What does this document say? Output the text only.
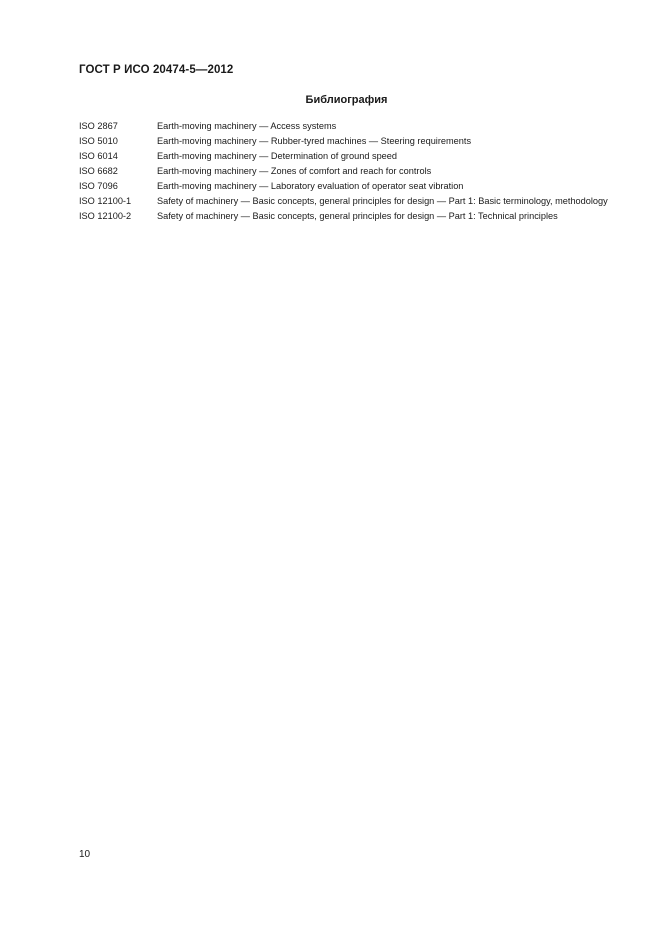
ГОСТ Р ИСО 20474-5—2012
Библиография
ISO 2867	Earth-moving machinery — Access systems
ISO 5010	Earth-moving machinery — Rubber-tyred machines — Steering requirements
ISO 6014	Earth-moving machinery — Determination of ground speed
ISO 6682	Earth-moving machinery — Zones of comfort and reach for controls
ISO 7096	Earth-moving machinery — Laboratory evaluation of operator seat vibration
ISO 12100-1	Safety of machinery — Basic concepts, general principles for design — Part 1: Basic terminology, methodology
ISO 12100-2	Safety of machinery — Basic concepts, general principles for design — Part 1: Technical principles
10
